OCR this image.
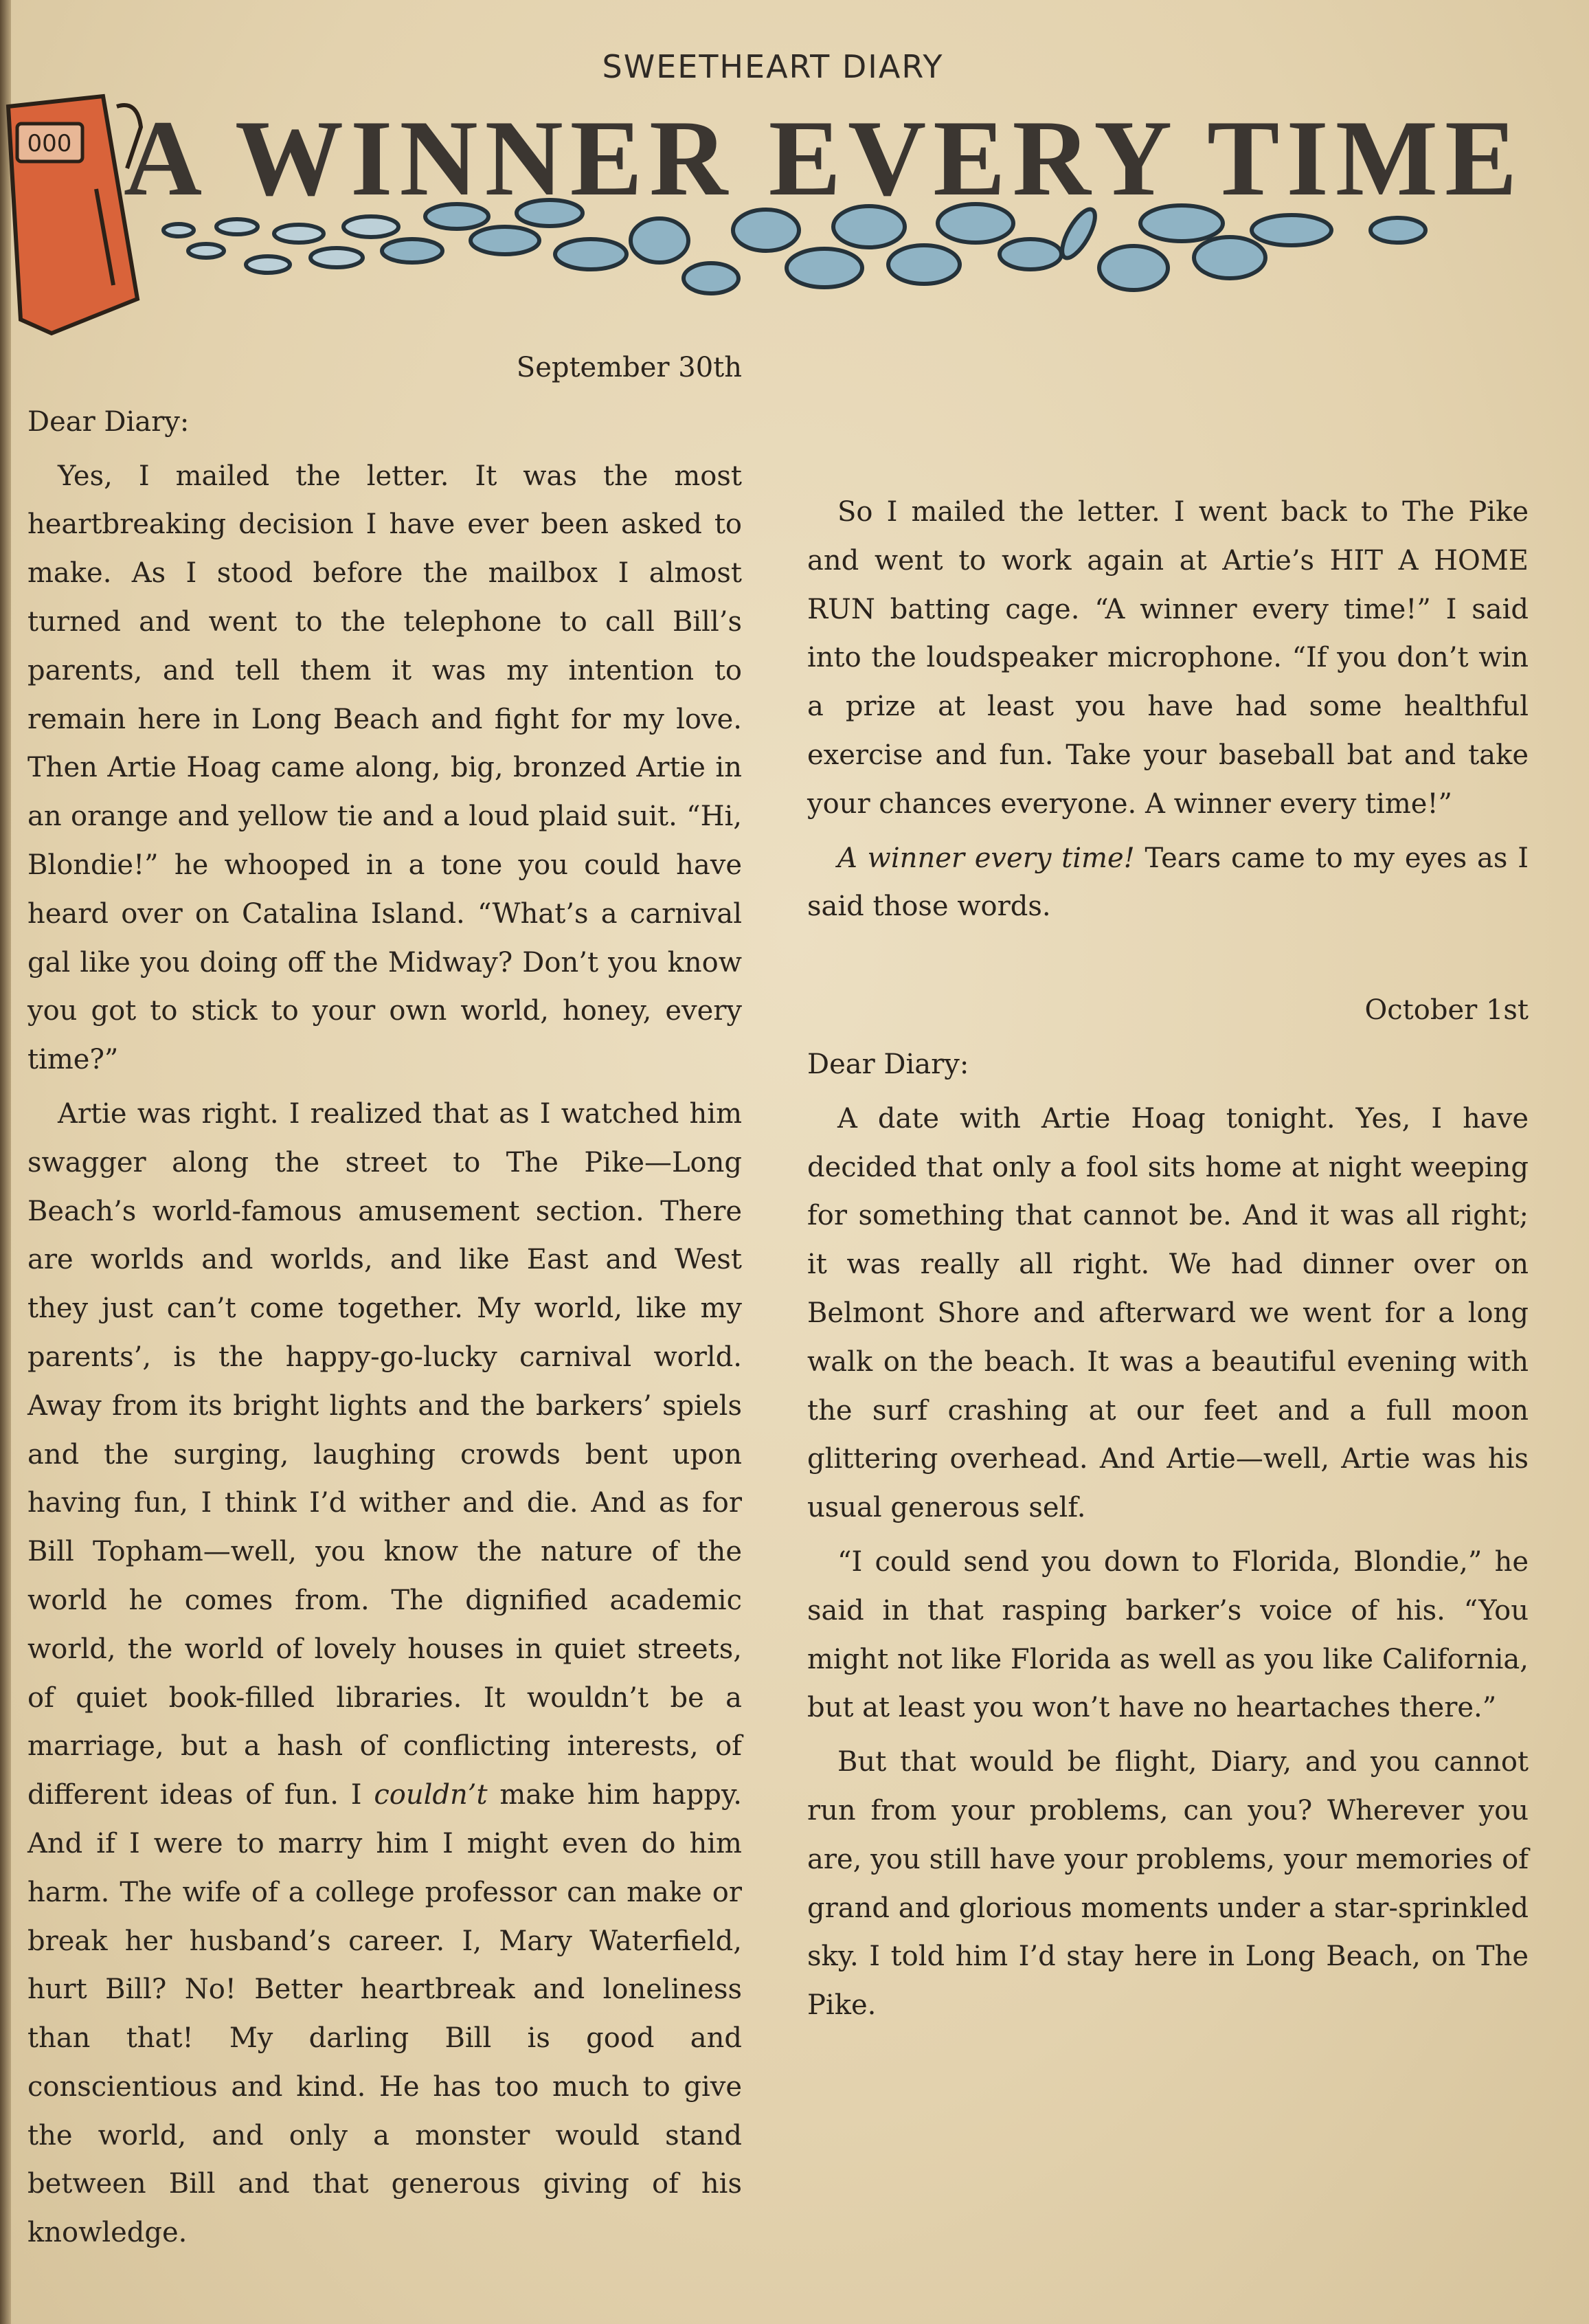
SWEETHEART DIARY
000 A WINNER EVERY TIME

September 30th

Dear Diary:

Yes, I mailed the letter. It was the most heartbreaking decision I have ever been asked to make. As I stood before the mailbox I almost turned and went to the telephone to call Bill’s parents, and tell them it was my intention to remain here in Long Beach and fight for my love. Then Artie Hoag came along, big, bronzed Artie in an orange and yellow tie and a loud plaid suit. “Hi, Blondie!” he whooped in a tone you could have heard over on Catalina Island. “What’s a carnival gal like you doing off the Midway? Don’t you know you got to stick to your own world, honey, every time?”

Artie was right. I realized that as I watched him swagger along the street to The Pike—Long Beach’s world-famous amusement section. There are worlds and worlds, and like East and West they just can’t come together. My world, like my parents’, is the happy-go-lucky carnival world. Away from its bright lights and the barkers’ spiels and the surging, laughing crowds bent upon having fun, I think I’d wither and die. And as for Bill Topham—well, you know the nature of the world he comes from. The dignified academic world, the world of lovely houses in quiet streets, of quiet book-filled libraries. It wouldn’t be a marriage, but a hash of conflicting interests, of different ideas of fun. I couldn’t make him happy. And if I were to marry him I might even do him harm. The wife of a college professor can make or break her husband’s career. I, Mary Waterfield, hurt Bill? No! Better heartbreak and loneliness than that! My darling Bill is good and conscientious and kind. He has too much to give the world, and only a monster would stand between Bill and that generous giving of his knowledge.

So I mailed the letter. I went back to The Pike and went to work again at Artie’s HIT A HOME RUN batting cage. “A winner every time!” I said into the loudspeaker microphone. “If you don’t win a prize at least you have had some healthful exercise and fun. Take your baseball bat and take your chances everyone. A winner every time!”

A winner every time! Tears came to my eyes as I said those words.

October 1st

Dear Diary:

A date with Artie Hoag tonight. Yes, I have decided that only a fool sits home at night weeping for something that cannot be. And it was all right; it was really all right. We had dinner over on Belmont Shore and afterward we went for a long walk on the beach. It was a beautiful evening with the surf crashing at our feet and a full moon glittering overhead. And Artie—well, Artie was his usual generous self.

“I could send you down to Florida, Blondie,” he said in that rasping barker’s voice of his. “You might not like Florida as well as you like California, but at least you won’t have no heartaches there.”

But that would be flight, Diary, and you cannot run from your problems, can you? Wherever you are, you still have your problems, your memories of grand and glorious moments under a star-sprinkled sky. I told him I’d stay here in Long Beach, on The Pike.
